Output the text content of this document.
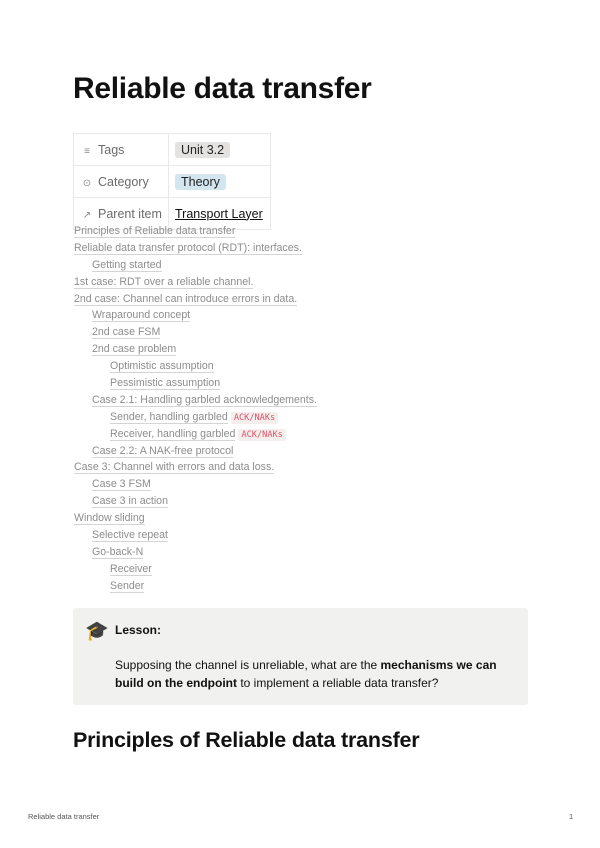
Reliable data transfer
≡ Tags	Unit 3.2
⊙ Category	Theory
↗ Parent item	Transport Layer
Principles of Reliable data transfer
Reliable data transfer protocol (RDT): interfaces.
Getting started
1st case: RDT over a reliable channel.
2nd case: Channel can introduce errors in data.
Wraparound concept
2nd case FSM
2nd case problem
Optimistic assumption
Pessimistic assumption
Case 2.1: Handling garbled acknowledgements.
Sender, handling garbled ACK/NAKs
Receiver, handling garbled ACK/NAKs
Case 2.2: A NAK-free protocol
Case 3: Channel with errors and data loss.
Case 3 FSM
Case 3 in action
Window sliding
Selective repeat
Go-back-N
Receiver
Sender
🎓 Lesson:
Supposing the channel is unreliable, what are the mechanisms we can build on the endpoint to implement a reliable data transfer?
Principles of Reliable data transfer
Reliable data transfer	1
